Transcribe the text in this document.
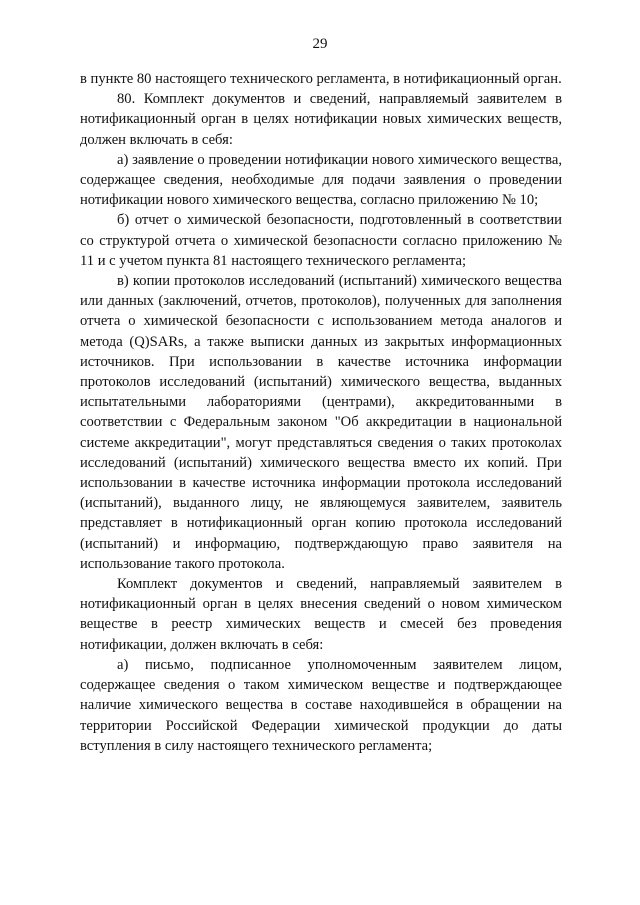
29

в пункте 80 настоящего технического регламента, в нотификационный орган.

80. Комплект документов и сведений, направляемый заявителем в нотификационный орган в целях нотификации новых химических веществ, должен включать в себя:

а) заявление о проведении нотификации нового химического вещества, содержащее сведения, необходимые для подачи заявления о проведении нотификации нового химического вещества, согласно приложению № 10;

б) отчет о химической безопасности, подготовленный в соответствии со структурой отчета о химической безопасности согласно приложению № 11 и с учетом пункта 81 настоящего технического регламента;

в) копии протоколов исследований (испытаний) химического вещества или данных (заключений, отчетов, протоколов), полученных для заполнения отчета о химической безопасности с использованием метода аналогов и метода (Q)SARs, а также выписки данных из закрытых информационных источников. При использовании в качестве источника информации протоколов исследований (испытаний) химического вещества, выданных испытательными лабораториями (центрами), аккредитованными в соответствии с Федеральным законом "Об аккредитации в национальной системе аккредитации", могут представляться сведения о таких протоколах исследований (испытаний) химического вещества вместо их копий. При использовании в качестве источника информации протокола исследований (испытаний), выданного лицу, не являющемуся заявителем, заявитель представляет в нотификационный орган копию протокола исследований (испытаний) и информацию, подтверждающую право заявителя на использование такого протокола.

Комплект документов и сведений, направляемый заявителем в нотификационный орган в целях внесения сведений о новом химическом веществе в реестр химических веществ и смесей без проведения нотификации, должен включать в себя:

а) письмо, подписанное уполномоченным заявителем лицом, содержащее сведения о таком химическом веществе и подтверждающее наличие химического вещества в составе находившейся в обращении на территории Российской Федерации химической продукции до даты вступления в силу настоящего технического регламента;
